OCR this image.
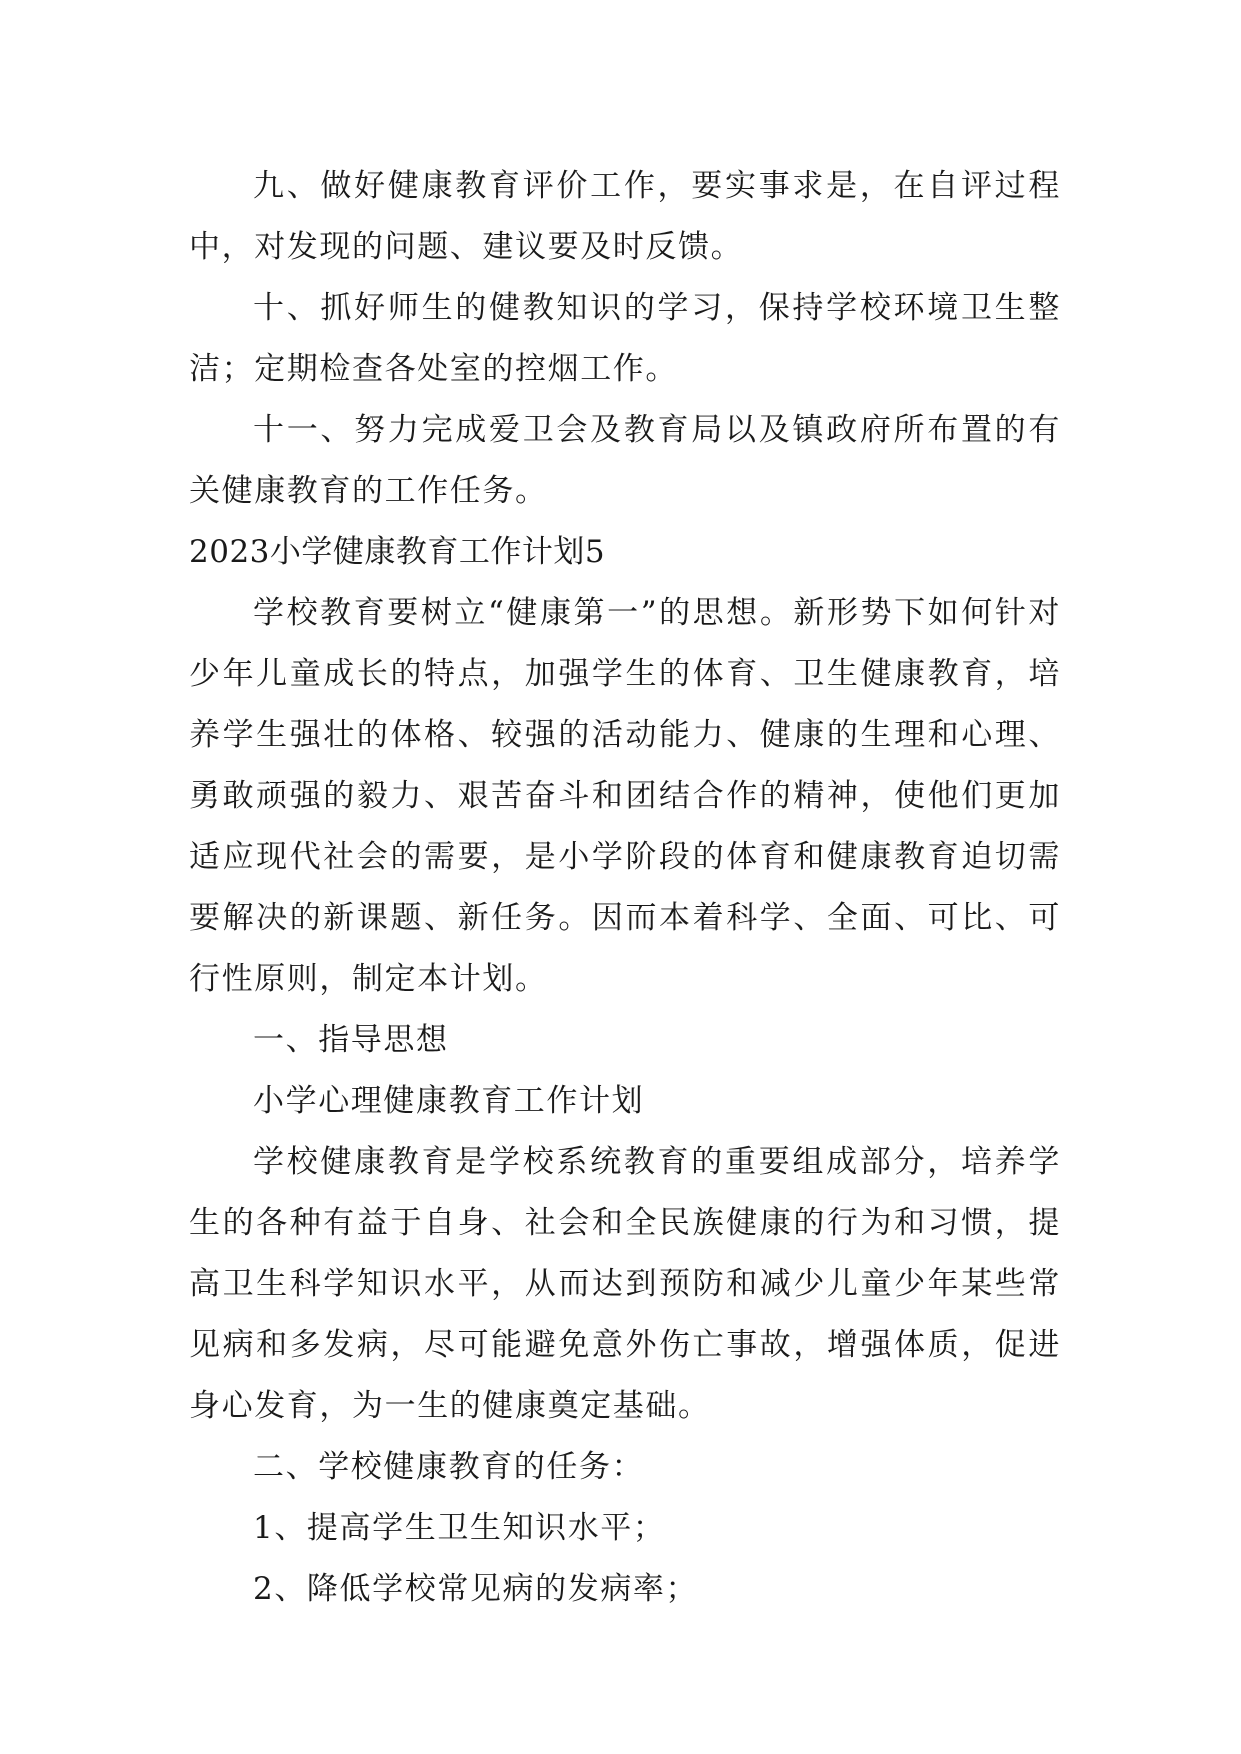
九、做好健康教育评价工作，要实事求是，在自评过程中，对发现的问题、建议要及时反馈。

十、抓好师生的健教知识的学习，保持学校环境卫生整洁；定期检查各处室的控烟工作。

十一、努力完成爱卫会及教育局以及镇政府所布置的有关健康教育的工作任务。

2023小学健康教育工作计划5

学校教育要树立“健康第一”的思想。新形势下如何针对少年儿童成长的特点，加强学生的体育、卫生健康教育，培养学生强壮的体格、较强的活动能力、健康的生理和心理、勇敢顽强的毅力、艰苦奋斗和团结合作的精神，使他们更加适应现代社会的需要，是小学阶段的体育和健康教育迫切需要解决的新课题、新任务。因而本着科学、全面、可比、可行性原则，制定本计划。

一、指导思想

小学心理健康教育工作计划

学校健康教育是学校系统教育的重要组成部分，培养学生的各种有益于自身、社会和全民族健康的行为和习惯，提高卫生科学知识水平，从而达到预防和减少儿童少年某些常见病和多发病，尽可能避免意外伤亡事故，增强体质，促进身心发育，为一生的健康奠定基础。

二、学校健康教育的任务：

1、提高学生卫生知识水平；

2、降低学校常见病的发病率；
